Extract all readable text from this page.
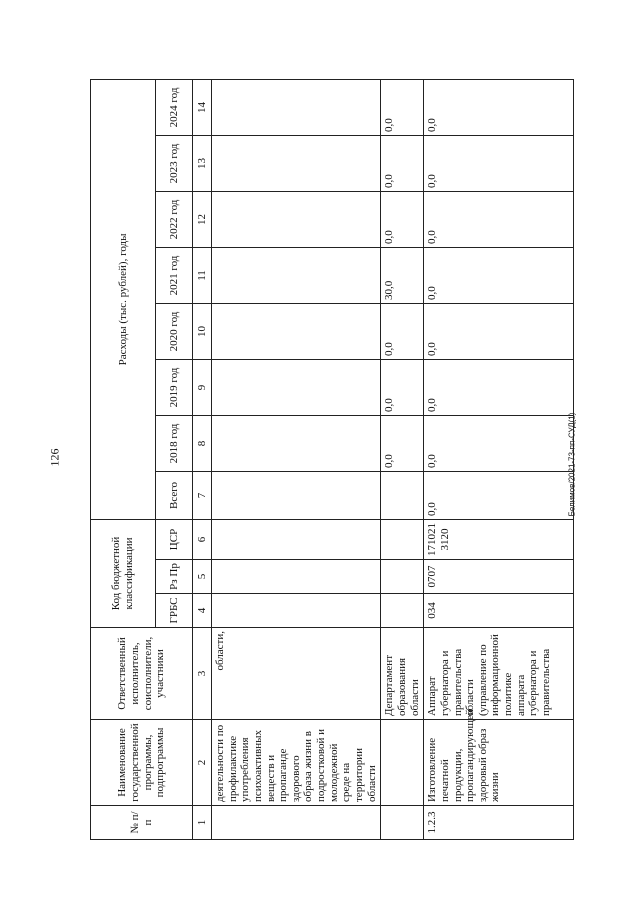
126	Белимов/2021-73-пп-СУД(1)
№ п/п	Наименование государственной программы, подпрограммы	Ответственный исполнитель, соисполнители, участники	Код бюджетной классификации			Расходы (тыс. рублей), годы							
			ГРБС	Рз Пр	ЦСР	Всего	2018 год	2019 год	2020 год	2021 год	2022 год	2023 год	2024 год
1	2	3	4	5	6	7	8	9	10	11	12	13	14
	деятельности по профилактике употребления психоактивных веществ и пропаганде здорового образа жизни в подростковой и молодежной среде на территории области	области,											
		Департамент образования области					0,0	0,0	0,0	30,0	0,0	0,0	0,0
1.2.3	Изготовление печатной продукции, пропагандирующей здоровый образ жизни	Аппарат губернатора и правительства области (управление по информационной политике аппарата губернатора и правительства	034	0707	171021 3120	0,0	0,0	0,0	0,0	0,0	0,0	0,0	0,0
